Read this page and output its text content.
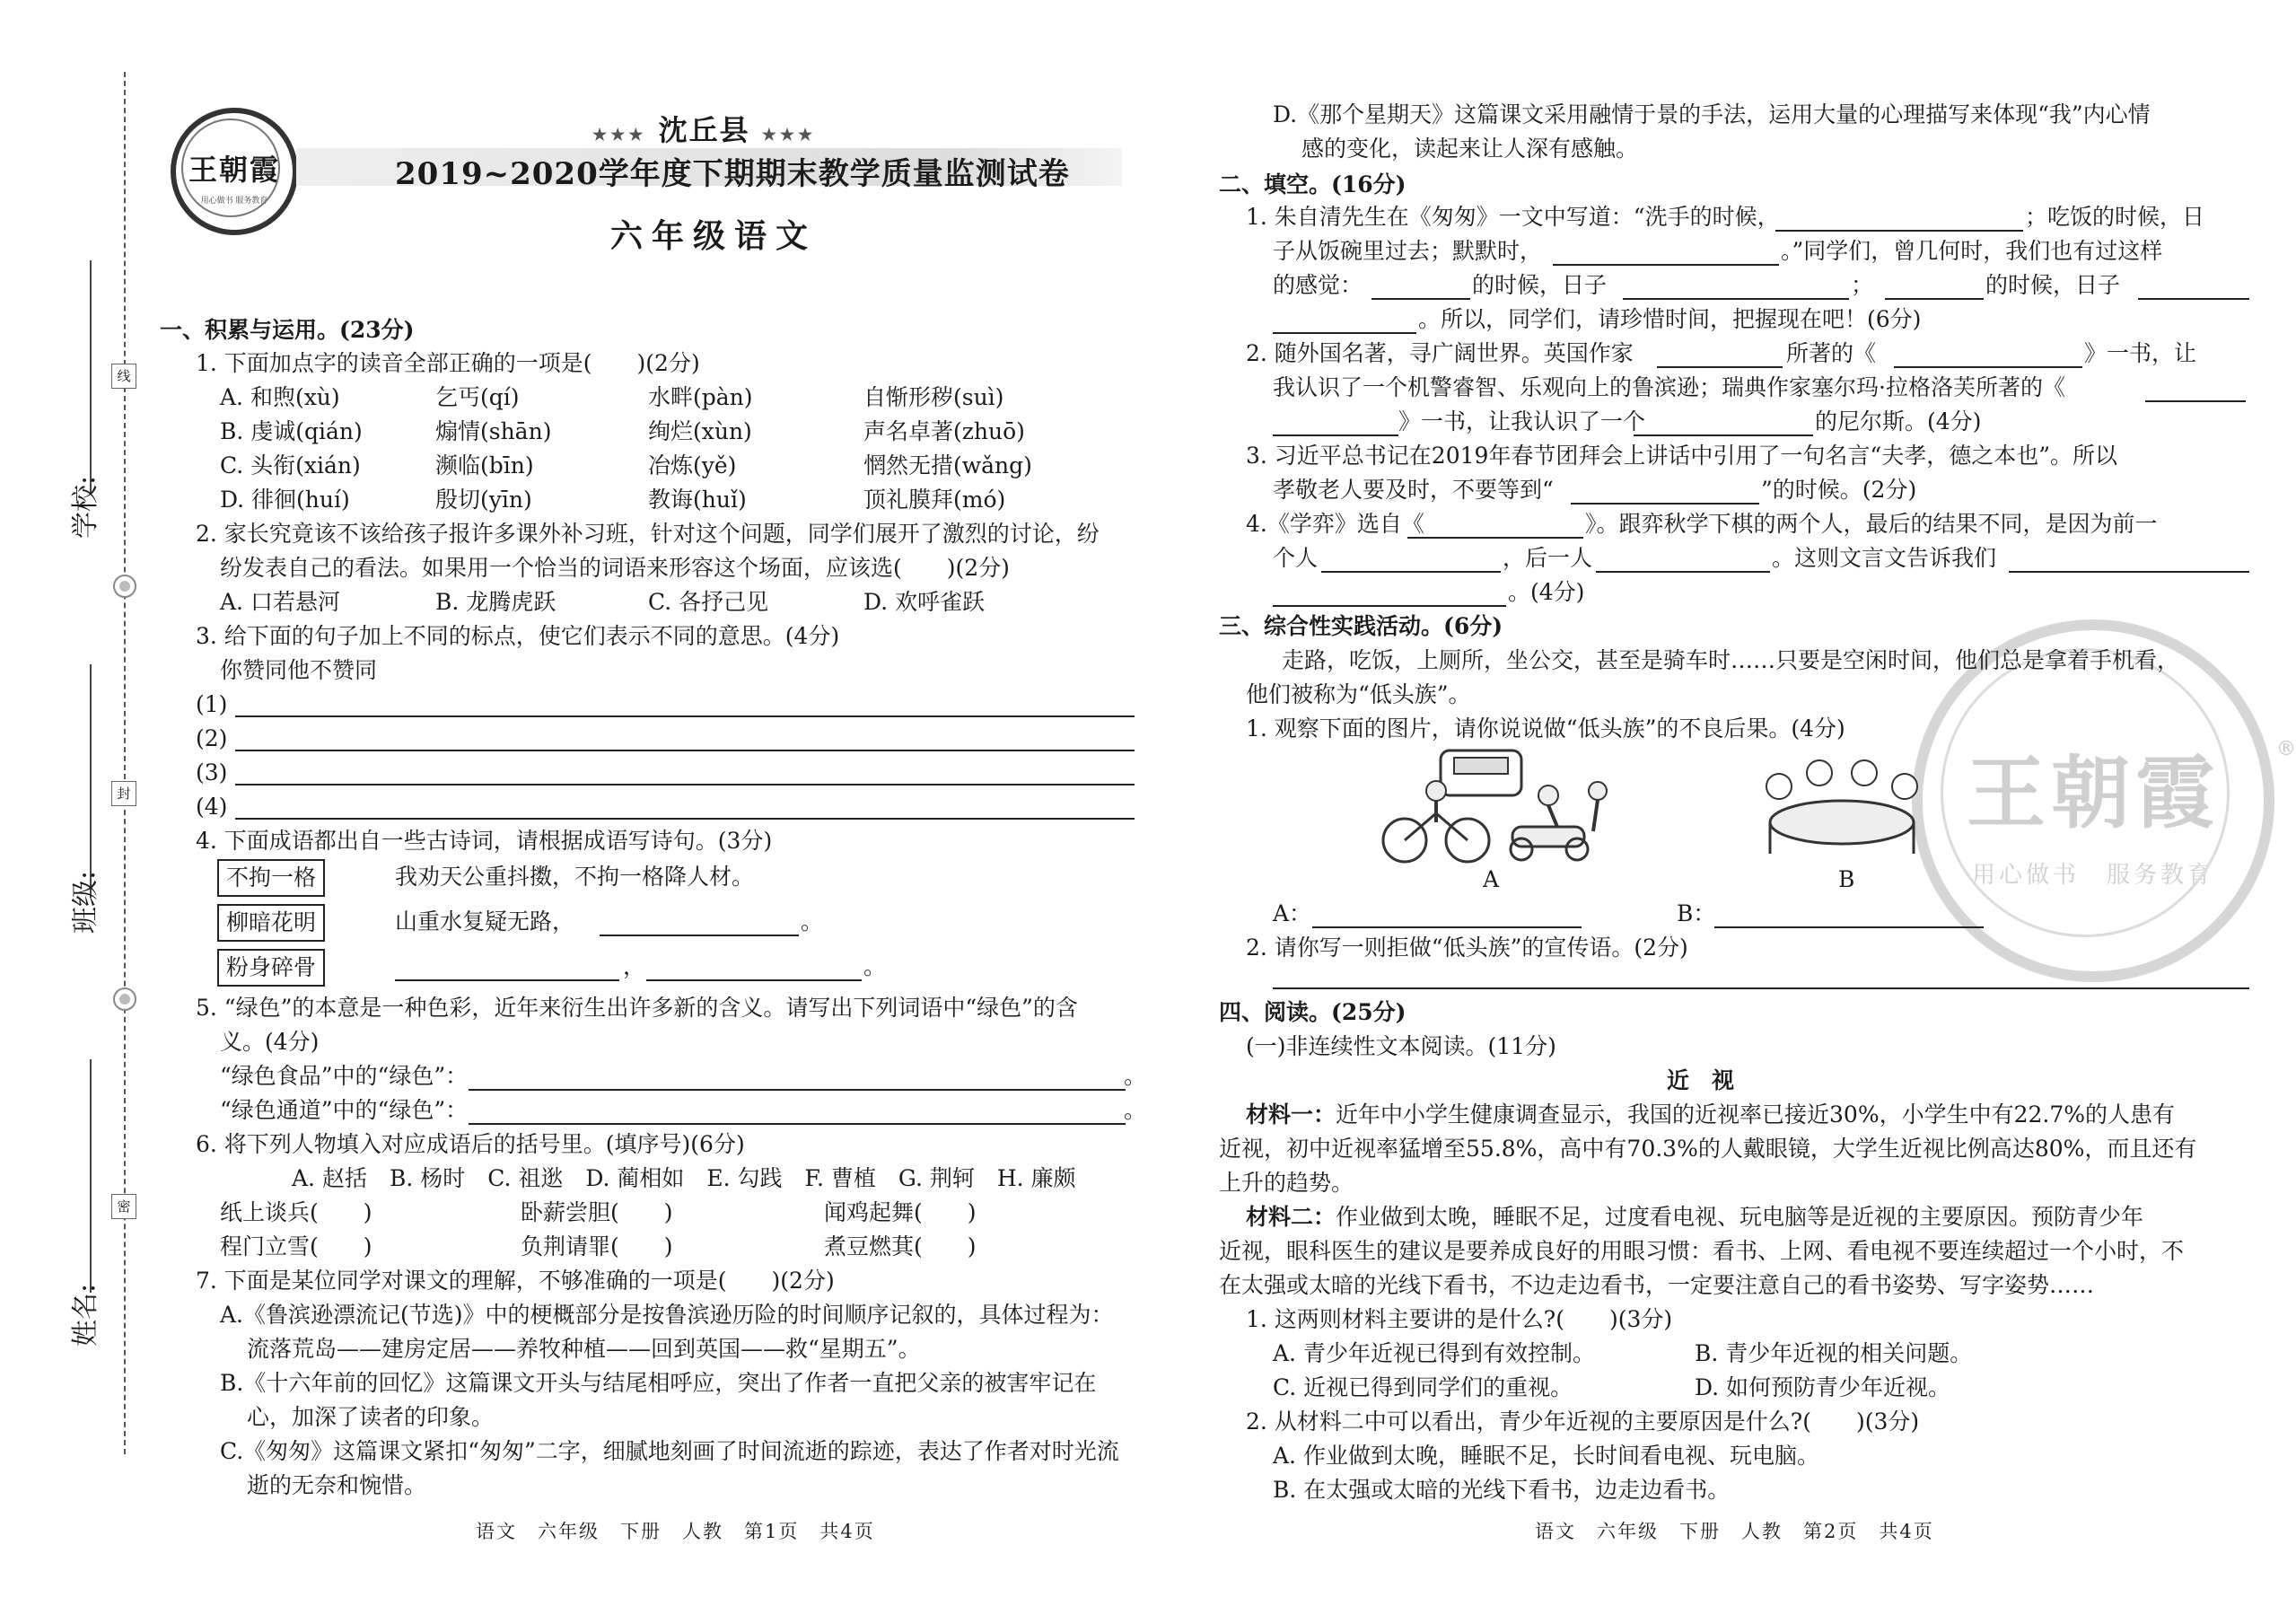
线
封
密
学校:
班级:
姓名:
王朝霞
用心做书 服务教育
★★★ 沈丘县 ★★★
2019~2020学年度下期期末教学质量监测试卷
六年级语文
一、积累与运用。(23分)
1. 下面加点字的读音全部正确的一项是(　　)(2分)
A. 和煦(xù)	乞丐(qí)	水畔(pàn)	自惭形秽(suì)
B. 虔诚(qián)	煽情(shān)	绚烂(xùn)	声名卓著(zhuō)
C. 头衔(xián)	濒临(bīn)	冶炼(yě)	惘然无措(wǎng)
D. 徘徊(huí)	殷切(yīn)	教诲(huǐ)	顶礼膜拜(mó)
2. 家长究竟该不该给孩子报许多课外补习班，针对这个问题，同学们展开了激烈的讨论，纷
纷发表自己的看法。如果用一个恰当的词语来形容这个场面，应该选(　　)(2分)
A. 口若悬河	B. 龙腾虎跃	C. 各抒己见	D. 欢呼雀跃
3. 给下面的句子加上不同的标点，使它们表示不同的意思。(4分)
你赞同他不赞同
(1)
(2)
(3)
(4)
4. 下面成语都出自一些古诗词，请根据成语写诗句。(3分)
不拘一格	我劝天公重抖擞，不拘一格降人材。
柳暗花明	山重水复疑无路，	。
粉身碎骨	，	。
5. “绿色”的本意是一种色彩，近年来衍生出许多新的含义。请写出下列词语中“绿色”的含
义。(4分)
“绿色食品”中的“绿色”：	。
“绿色通道”中的“绿色”：	。
6. 将下列人物填入对应成语后的括号里。(填序号)(6分)
A. 赵括　B. 杨时　C. 祖逖　D. 蔺相如　E. 勾践　F. 曹植　G. 荆轲　H. 廉颇
纸上谈兵(　　)	卧薪尝胆(　　)	闻鸡起舞(　　)
程门立雪(　　)	负荆请罪(　　)	煮豆燃萁(　　)
7. 下面是某位同学对课文的理解，不够准确的一项是(　　)(2分)
A.《鲁滨逊漂流记(节选)》中的梗概部分是按鲁滨逊历险的时间顺序记叙的，具体过程为：
流落荒岛——建房定居——养牧种植——回到英国——救“星期五”。
B.《十六年前的回忆》这篇课文开头与结尾相呼应，突出了作者一直把父亲的被害牢记在
心，加深了读者的印象。
C.《匆匆》这篇课文紧扣“匆匆”二字，细腻地刻画了时间流逝的踪迹，表达了作者对时光流
逝的无奈和惋惜。
语文　六年级　下册　人教　第1页　共4页
王朝霞
用心做书　服务教育
®
D.《那个星期天》这篇课文采用融情于景的手法，运用大量的心理描写来体现“我”内心情
感的变化，读起来让人深有感触。
二、填空。(16分)
1. 朱自清先生在《匆匆》一文中写道：“洗手的时候，	；吃饭的时候，日
子从饭碗里过去；默默时，	。”同学们，曾几何时，我们也有过这样
的感觉：	的时候，日子	；	的时候，日子
。所以，同学们，请珍惜时间，把握现在吧！(6分)
2. 随外国名著，寻广阔世界。英国作家	所著的《	》一书，让
我认识了一个机警睿智、乐观向上的鲁滨逊；瑞典作家塞尔玛·拉格洛芙所著的《
》一书，让我认识了一个	的尼尔斯。(4分)
3. 习近平总书记在2019年春节团拜会上讲话中引用了一句名言“夫孝，德之本也”。所以
孝敬老人要及时，不要等到“	”的时候。(2分)
4.《学弈》选自《	》。跟弈秋学下棋的两个人，最后的结果不同，是因为前一
个人	，后一人	。这则文言文告诉我们
。(4分)
三、综合性实践活动。(6分)
走路，吃饭，上厕所，坐公交，甚至是骑车时……只要是空闲时间，他们总是拿着手机看，
他们被称为“低头族”。
1. 观察下面的图片，请你说说做“低头族”的不良后果。(4分)
A	B
A：	B：
2. 请你写一则拒做“低头族”的宣传语。(2分)
四、阅读。(25分)
(一)非连续性文本阅读。(11分)
近　视
材料一：近年中小学生健康调查显示，我国的近视率已接近30%，小学生中有22.7%的人患有
近视，初中近视率猛增至55.8%，高中有70.3%的人戴眼镜，大学生近视比例高达80%，而且还有
上升的趋势。
材料二：作业做到太晚，睡眠不足，过度看电视、玩电脑等是近视的主要原因。预防青少年
近视，眼科医生的建议是要养成良好的用眼习惯：看书、上网、看电视不要连续超过一个小时，不
在太强或太暗的光线下看书，不边走边看书，一定要注意自己的看书姿势、写字姿势……
1. 这两则材料主要讲的是什么?(　　)(3分)
A. 青少年近视已得到有效控制。	B. 青少年近视的相关问题。
C. 近视已得到同学们的重视。	D. 如何预防青少年近视。
2. 从材料二中可以看出，青少年近视的主要原因是什么?(　　)(3分)
A. 作业做到太晚，睡眠不足，长时间看电视、玩电脑。
B. 在太强或太暗的光线下看书，边走边看书。
语文　六年级　下册　人教　第2页　共4页
